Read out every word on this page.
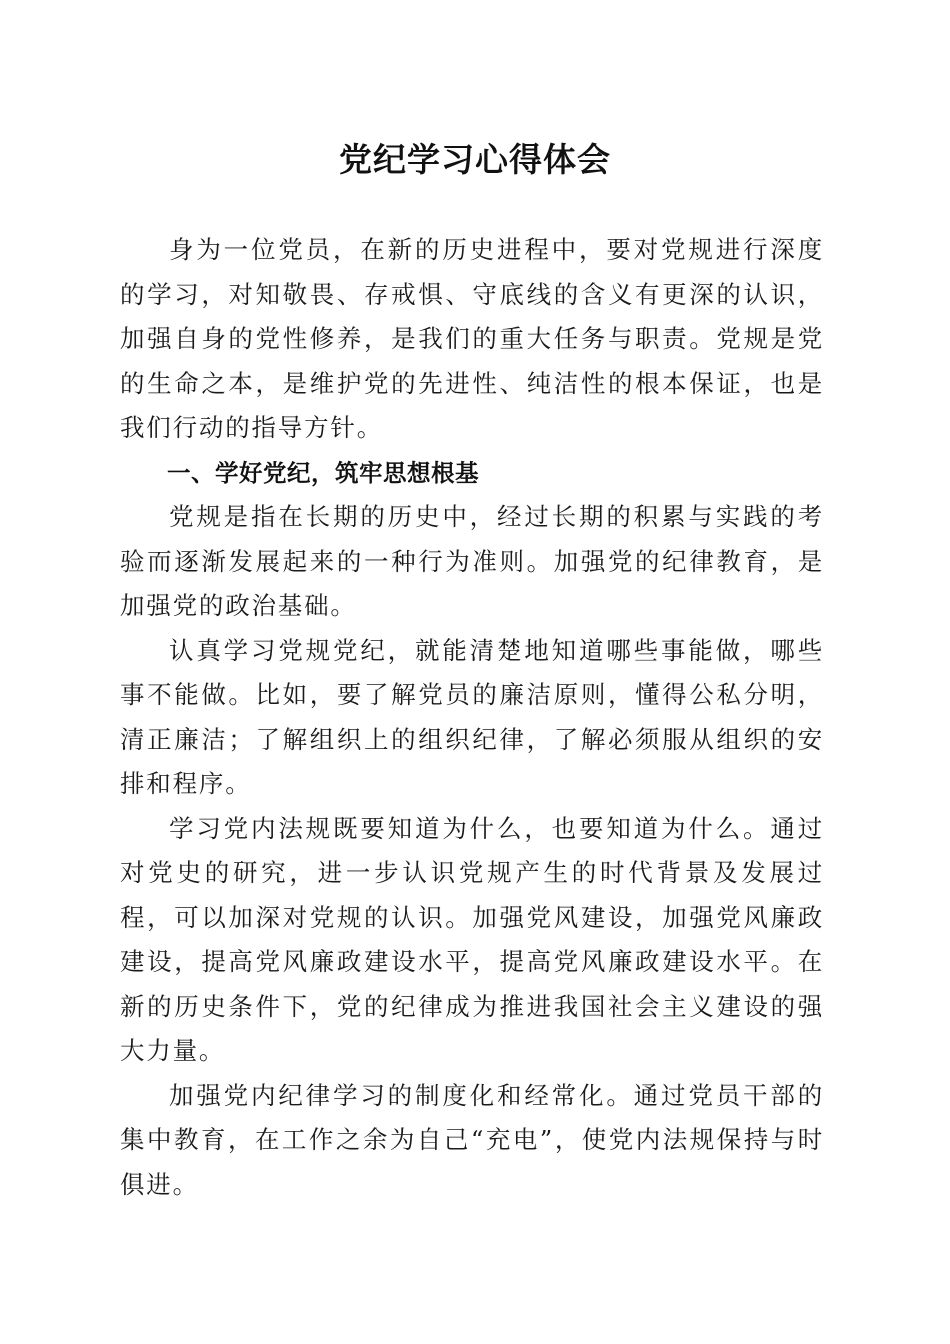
党纪学习心得体会

身为一位党员，在新的历史进程中，要对党规进行深度的学习，对知敬畏、存戒惧、守底线的含义有更深的认识，加强自身的党性修养，是我们的重大任务与职责。党规是党的生命之本，是维护党的先进性、纯洁性的根本保证，也是我们行动的指导方针。

一、学好党纪，筑牢思想根基

党规是指在长期的历史中，经过长期的积累与实践的考验而逐渐发展起来的一种行为准则。加强党的纪律教育，是加强党的政治基础。

认真学习党规党纪，就能清楚地知道哪些事能做，哪些事不能做。比如，要了解党员的廉洁原则，懂得公私分明，清正廉洁；了解组织上的组织纪律，了解必须服从组织的安排和程序。

学习党内法规既要知道为什么，也要知道为什么。通过对党史的研究，进一步认识党规产生的时代背景及发展过程，可以加深对党规的认识。加强党风建设，加强党风廉政建设，提高党风廉政建设水平，提高党风廉政建设水平。在新的历史条件下，党的纪律成为推进我国社会主义建设的强大力量。

加强党内纪律学习的制度化和经常化。通过党员干部的集中教育，在工作之余为自己“充电”，使党内法规保持与时俱进。
